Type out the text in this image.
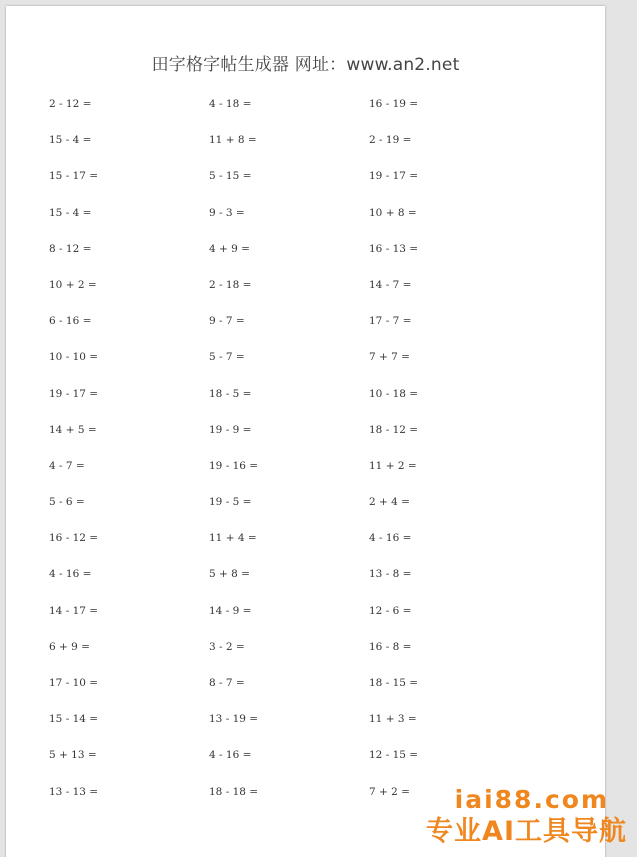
田字格字帖生成器 网址：www.an2.net
2 - 12 =	4 - 18 =	16 - 19 =
15 - 4 =	11 + 8 =	2 - 19 =
15 - 17 =	5 - 15 =	19 - 17 =
15 - 4 =	9 - 3 =	10 + 8 =
8 - 12 =	4 + 9 =	16 - 13 =
10 + 2 =	2 - 18 =	14 - 7 =
6 - 16 =	9 - 7 =	17 - 7 =
10 - 10 =	5 - 7 =	7 + 7 =
19 - 17 =	18 - 5 =	10 - 18 =
14 + 5 =	19 - 9 =	18 - 12 =
4 - 7 =	19 - 16 =	11 + 2 =
5 - 6 =	19 - 5 =	2 + 4 =
16 - 12 =	11 + 4 =	4 - 16 =
4 - 16 =	5 + 8 =	13 - 8 =
14 - 17 =	14 - 9 =	12 - 6 =
6 + 9 =	3 - 2 =	16 - 8 =
17 - 10 =	8 - 7 =	18 - 15 =
15 - 14 =	13 - 19 =	11 + 3 =
5 + 13 =	4 - 16 =	12 - 15 =
13 - 13 =	18 - 18 =	7 + 2 =	iai88.com
专业AI工具导航
